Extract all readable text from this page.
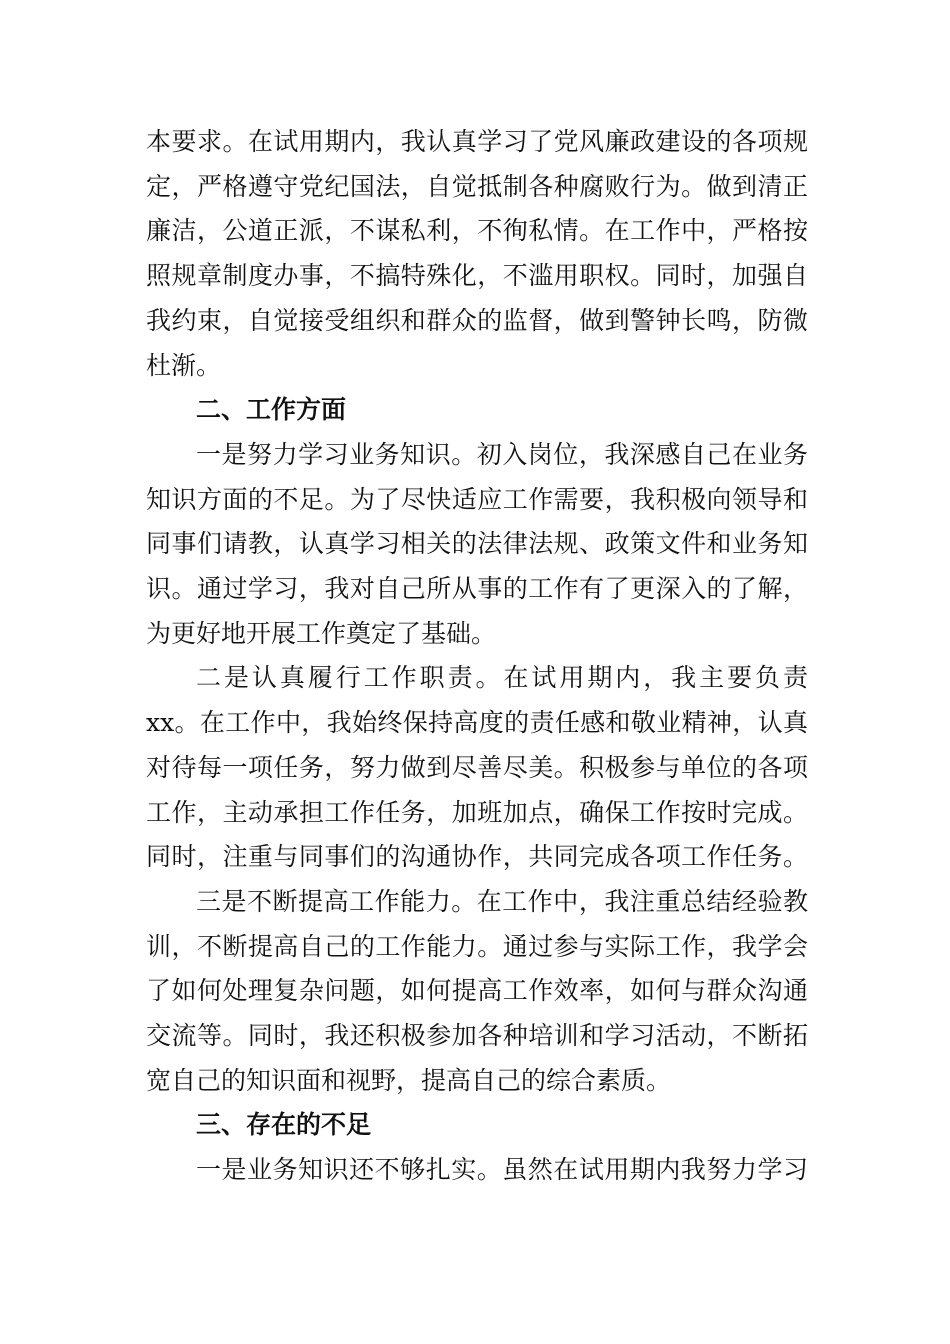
本要求。在试用期内，我认真学习了党风廉政建设的各项规
定，严格遵守党纪国法，自觉抵制各种腐败行为。做到清正
廉洁，公道正派，不谋私利，不徇私情。在工作中，严格按
照规章制度办事，不搞特殊化，不滥用职权。同时，加强自
我约束，自觉接受组织和群众的监督，做到警钟长鸣，防微
杜渐。
二、工作方面
一是努力学习业务知识。初入岗位，我深感自己在业务
知识方面的不足。为了尽快适应工作需要，我积极向领导和
同事们请教，认真学习相关的法律法规、政策文件和业务知
识。通过学习，我对自己所从事的工作有了更深入的了解，
为更好地开展工作奠定了基础。
二是认真履行工作职责。在试用期内，我主要负责
xx。在工作中，我始终保持高度的责任感和敬业精神，认真
对待每一项任务，努力做到尽善尽美。积极参与单位的各项
工作，主动承担工作任务，加班加点，确保工作按时完成。
同时，注重与同事们的沟通协作，共同完成各项工作任务。
三是不断提高工作能力。在工作中，我注重总结经验教
训，不断提高自己的工作能力。通过参与实际工作，我学会
了如何处理复杂问题，如何提高工作效率，如何与群众沟通
交流等。同时，我还积极参加各种培训和学习活动，不断拓
宽自己的知识面和视野，提高自己的综合素质。
三、存在的不足
一是业务知识还不够扎实。虽然在试用期内我努力学习
